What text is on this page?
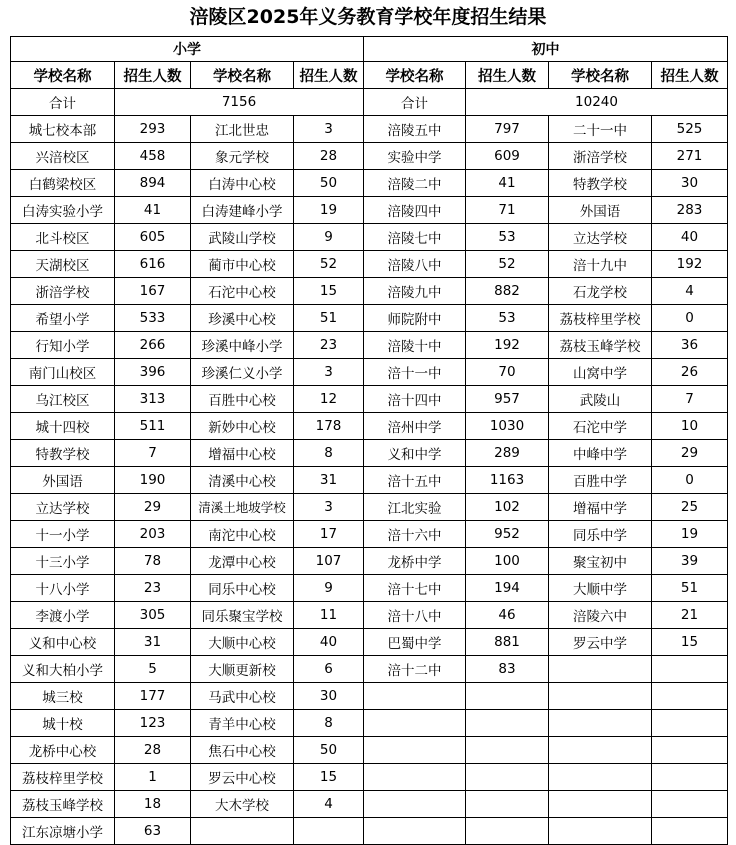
涪陵区2025年义务教育学校年度招生结果
小学				初中			
学校名称	招生人数	学校名称	招生人数	学校名称	招生人数	学校名称	招生人数
合计	7156			合计	10240		
城七校本部	293	江北世忠	3	涪陵五中	797	二十一中	525
兴涪校区	458	象元学校	28	实验中学	609	浙涪学校	271
白鹤梁校区	894	白涛中心校	50	涪陵二中	41	特教学校	30
白涛实验小学	41	白涛建峰小学	19	涪陵四中	71	外国语	283
北斗校区	605	武陵山学校	9	涪陵七中	53	立达学校	40
天湖校区	616	蔺市中心校	52	涪陵八中	52	涪十九中	192
浙涪学校	167	石沱中心校	15	涪陵九中	882	石龙学校	4
希望小学	533	珍溪中心校	51	师院附中	53	荔枝梓里学校	0
行知小学	266	珍溪中峰小学	23	涪陵十中	192	荔枝玉峰学校	36
南门山校区	396	珍溪仁义小学	3	涪十一中	70	山窝中学	26
乌江校区	313	百胜中心校	12	涪十四中	957	武陵山	7
城十四校	511	新妙中心校	178	涪州中学	1030	石沱中学	10
特教学校	7	增福中心校	8	义和中学	289	中峰中学	29
外国语	190	清溪中心校	31	涪十五中	1163	百胜中学	0
立达学校	29	清溪土地坡学校	3	江北实验	102	增福中学	25
十一小学	203	南沱中心校	17	涪十六中	952	同乐中学	19
十三小学	78	龙潭中心校	107	龙桥中学	100	聚宝初中	39
十八小学	23	同乐中心校	9	涪十七中	194	大顺中学	51
李渡小学	305	同乐聚宝学校	11	涪十八中	46	涪陵六中	21
义和中心校	31	大顺中心校	40	巴蜀中学	881	罗云中学	15
义和大柏小学	5	大顺更新校	6	涪十二中	83		
城三校	177	马武中心校	30				
城十校	123	青羊中心校	8				
龙桥中心校	28	焦石中心校	50				
荔枝梓里学校	1	罗云中心校	15				
荔枝玉峰学校	18	大木学校	4				
江东凉塘小学	63						
